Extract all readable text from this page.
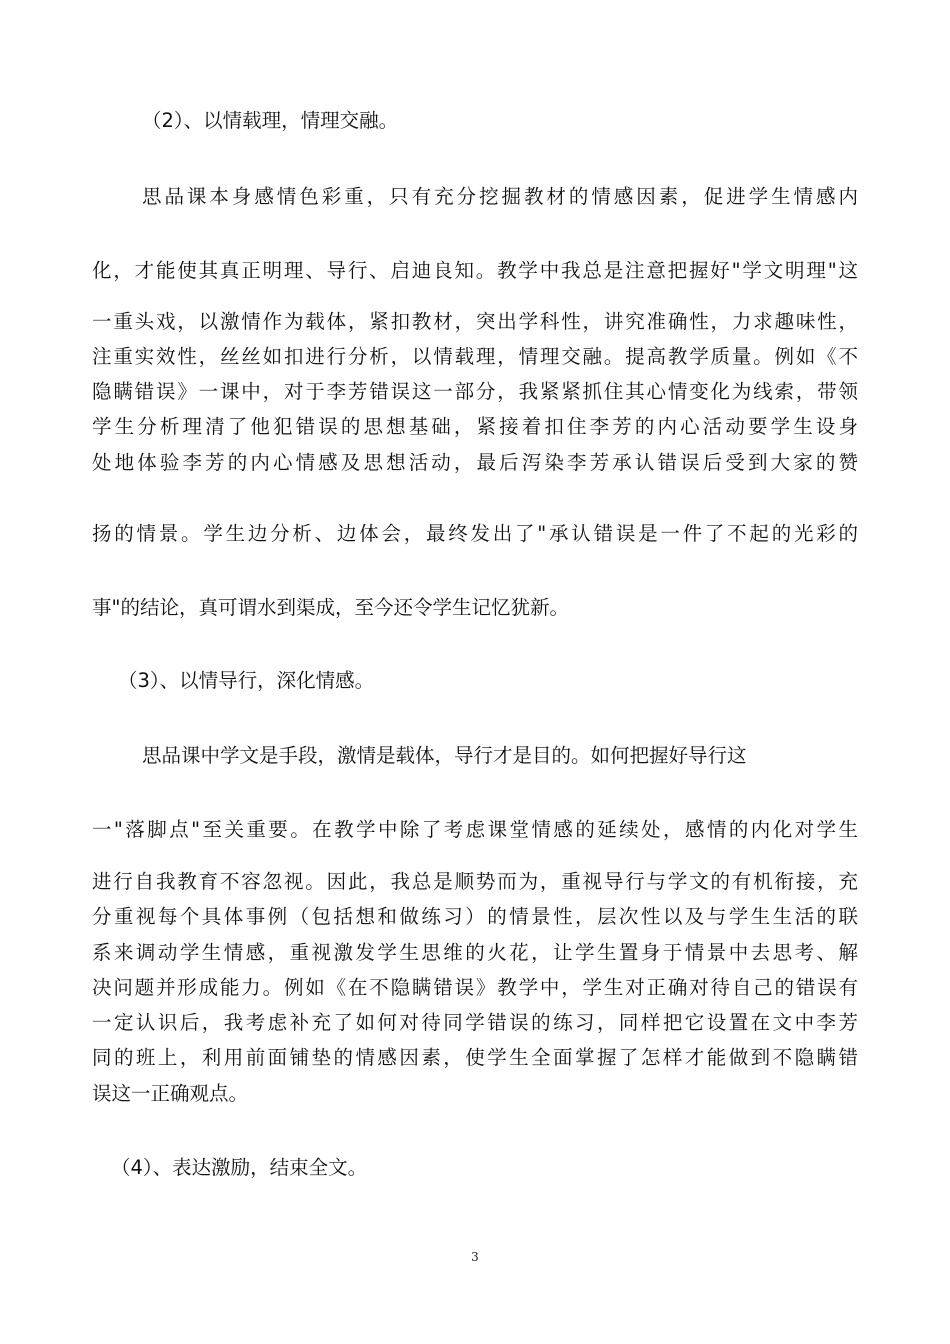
（2）、以情载理，情理交融。
思品课本身感情色彩重，只有充分挖掘教材的情感因素，促进学生情感内
化，才能使其真正明理、导行、启迪良知。教学中我总是注意把握好"学文明理"这
一重头戏，以激情作为载体，紧扣教材，突出学科性，讲究准确性，力求趣味性，
注重实效性，丝丝如扣进行分析，以情载理，情理交融。提高教学质量。例如《不
隐瞒错误》一课中，对于李芳错误这一部分，我紧紧抓住其心情变化为线索，带领
学生分析理清了他犯错误的思想基础，紧接着扣住李芳的内心活动要学生设身
处地体验李芳的内心情感及思想活动，最后泻染李芳承认错误后受到大家的赞
扬的情景。学生边分析、边体会，最终发出了"承认错误是一件了不起的光彩的
事"的结论，真可谓水到渠成，至今还令学生记忆犹新。
（3）、以情导行，深化情感。
思品课中学文是手段，激情是载体，导行才是目的。如何把握好导行这
一"落脚点"至关重要。在教学中除了考虑课堂情感的延续处，感情的内化对学生
进行自我教育不容忽视。因此，我总是顺势而为，重视导行与学文的有机衔接，充
分重视每个具体事例（包括想和做练习）的情景性，层次性以及与学生生活的联
系来调动学生情感，重视激发学生思维的火花，让学生置身于情景中去思考、解
决问题并形成能力。例如《在不隐瞒错误》教学中，学生对正确对待自己的错误有
一定认识后，我考虑补充了如何对待同学错误的练习，同样把它设置在文中李芳
同的班上，利用前面铺垫的情感因素，使学生全面掌握了怎样才能做到不隐瞒错
误这一正确观点。
（4）、表达激励，结束全文。
3
